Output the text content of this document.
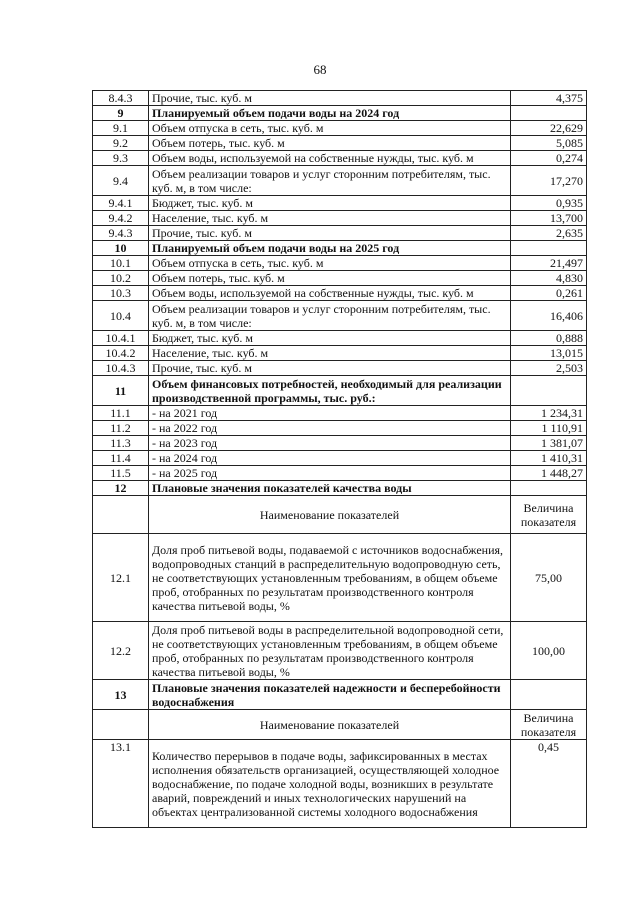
68
8.4.3	Прочие, тыс. куб. м	4,375
9	Планируемый объем подачи воды на 2024 год	
9.1	Объем отпуска в сеть, тыс. куб. м	22,629
9.2	Объем потерь, тыс. куб. м	5,085
9.3	Объем воды, используемой на собственные нужды, тыс. куб. м	0,274
9.4	Объем реализации товаров и услуг сторонним потребителям, тыс. куб. м, в том числе:	17,270
9.4.1	Бюджет, тыс. куб. м	0,935
9.4.2	Население, тыс. куб. м	13,700
9.4.3	Прочие, тыс. куб. м	2,635
10	Планируемый объем подачи воды на 2025 год	
10.1	Объем отпуска в сеть, тыс. куб. м	21,497
10.2	Объем потерь, тыс. куб. м	4,830
10.3	Объем воды, используемой на собственные нужды, тыс. куб. м	0,261
10.4	Объем реализации товаров и услуг сторонним потребителям, тыс. куб. м, в том числе:	16,406
10.4.1	Бюджет, тыс. куб. м	0,888
10.4.2	Население, тыс. куб. м	13,015
10.4.3	Прочие, тыс. куб. м	2,503
11	Объем финансовых потребностей, необходимый для реализации производственной программы, тыс. руб.:	
11.1	- на 2021 год	1 234,31
11.2	- на 2022 год	1 110,91
11.3	- на 2023 год	1 381,07
11.4	- на 2024 год	1 410,31
11.5	- на 2025 год	1 448,27
12	Плановые значения показателей качества воды	
	Наименование показателей	Величина показателя
12.1	Доля проб питьевой воды, подаваемой с источников водоснабжения, водопроводных станций в распределительную водопроводную сеть, не соответствующих установленным требованиям, в общем объеме проб, отобранных по результатам производственного контроля качества питьевой воды, %	75,00
12.2	Доля проб питьевой воды в распределительной водопроводной сети, не соответствующих установленным требованиям, в общем объеме проб, отобранных по результатам производственного контроля качества питьевой воды, %	100,00
13	Плановые значения показателей надежности и бесперебойности водоснабжения	
	Наименование показателей	Величина показателя
13.1	Количество перерывов в подаче воды, зафиксированных в местах исполнения обязательств организацией, осуществляющей холодное водоснабжение, по подаче холодной воды, возникших в результате аварий, повреждений и иных технологических нарушений на объектах централизованной системы холодного водоснабжения	0,45
